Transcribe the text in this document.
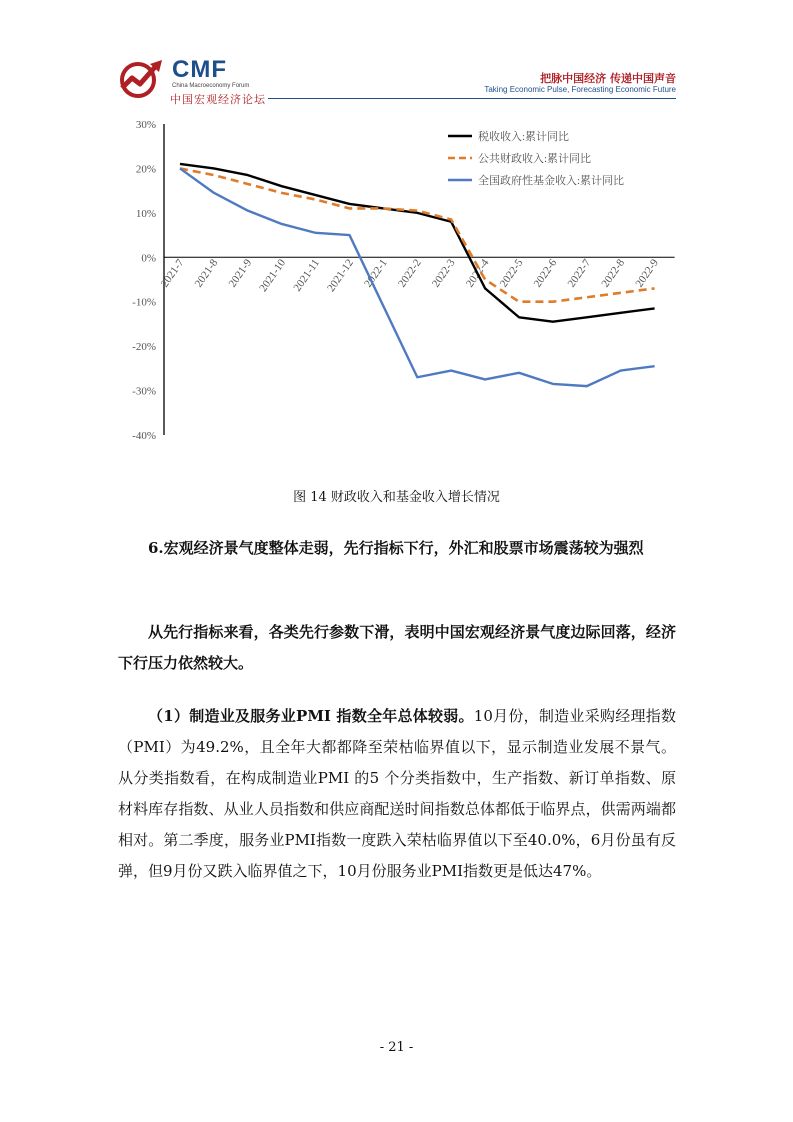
CMF
China Macroeconomy Forum
中国宏观经济论坛
把脉中国经济 传递中国声音
Taking Economic Pulse, Forecasting Economic Future
30%
20%
10%
0%
-10%
-20%
-30%
-40%
2021-7 2021-8 2021-9 2021-10 2021-11 2021-12 2022-1 2022-2 2022-3 2022-4 2022-5 2022-6 2022-7 2022-8 2022-9
税收收入:累计同比
公共财政收入:累计同比
全国政府性基金收入:累计同比
图 14 财政收入和基金收入增长情况
6.宏观经济景气度整体走弱，先行指标下行，外汇和股票市场震荡较为强烈
从先行指标来看，各类先行参数下滑，表明中国宏观经济景气度边际回落，经济下行压力依然较大。
（1）制造业及服务业PMI 指数全年总体较弱。10月份，制造业采购经理指数（PMI）为49.2%，且全年大都都降至荣枯临界值以下，显示制造业发展不景气。从分类指数看，在构成制造业PMI 的5 个分类指数中，生产指数、新订单指数、原材料库存指数、从业人员指数和供应商配送时间指数总体都低于临界点，供需两端都相对。第二季度，服务业PMI指数一度跌入荣枯临界值以下至40.0%，6月份虽有反弹，但9月份又跌入临界值之下，10月份服务业PMI指数更是低达47%。
- 21 -
